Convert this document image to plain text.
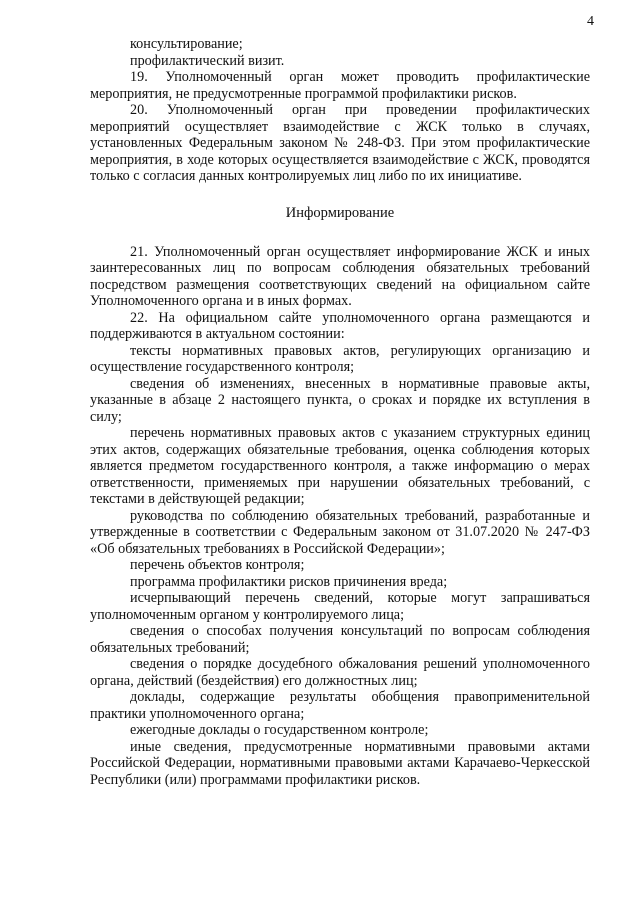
4

консультирование;

профилактический визит.

19. Уполномоченный орган может проводить профилактические мероприятия, не предусмотренные программой профилактики рисков.

20. Уполномоченный орган при проведении профилактических мероприятий осуществляет взаимодействие с ЖСК только в случаях, установленных Федеральным законом № 248-ФЗ. При этом профилактические мероприятия, в ходе которых осуществляется взаимодействие с ЖСК, проводятся только с согласия данных контролируемых лиц либо по их инициативе.

Информирование

21. Уполномоченный орган осуществляет информирование ЖСК и иных заинтересованных лиц по вопросам соблюдения обязательных требований посредством размещения соответствующих сведений на официальном сайте Уполномоченного органа и в иных формах.

22. На официальном сайте уполномоченного органа размещаются и поддерживаются в актуальном состоянии:

тексты нормативных правовых актов, регулирующих организацию и осуществление государственного контроля;

сведения об изменениях, внесенных в нормативные правовые акты, указанные в абзаце 2 настоящего пункта, о сроках и порядке их вступления в силу;

перечень нормативных правовых актов с указанием структурных единиц этих актов, содержащих обязательные требования, оценка соблюдения которых является предметом государственного контроля, а также информацию о мерах ответственности, применяемых при нарушении обязательных требований, с текстами в действующей редакции;

руководства по соблюдению обязательных требований, разработанные и утвержденные в соответствии с Федеральным законом от 31.07.2020 № 247-ФЗ «Об обязательных требованиях в Российской Федерации»;

перечень объектов контроля;

программа профилактики рисков причинения вреда;

исчерпывающий перечень сведений, которые могут запрашиваться уполномоченным органом у контролируемого лица;

сведения о способах получения консультаций по вопросам соблюдения обязательных требований;

сведения о порядке досудебного обжалования решений уполномоченного органа, действий (бездействия) его должностных лиц;

доклады, содержащие результаты обобщения правоприменительной практики уполномоченного органа;

ежегодные доклады о государственном контроле;

иные сведения, предусмотренные нормативными правовыми актами Российской Федерации, нормативными правовыми актами Карачаево-Черкесской Республики (или) программами профилактики рисков.
